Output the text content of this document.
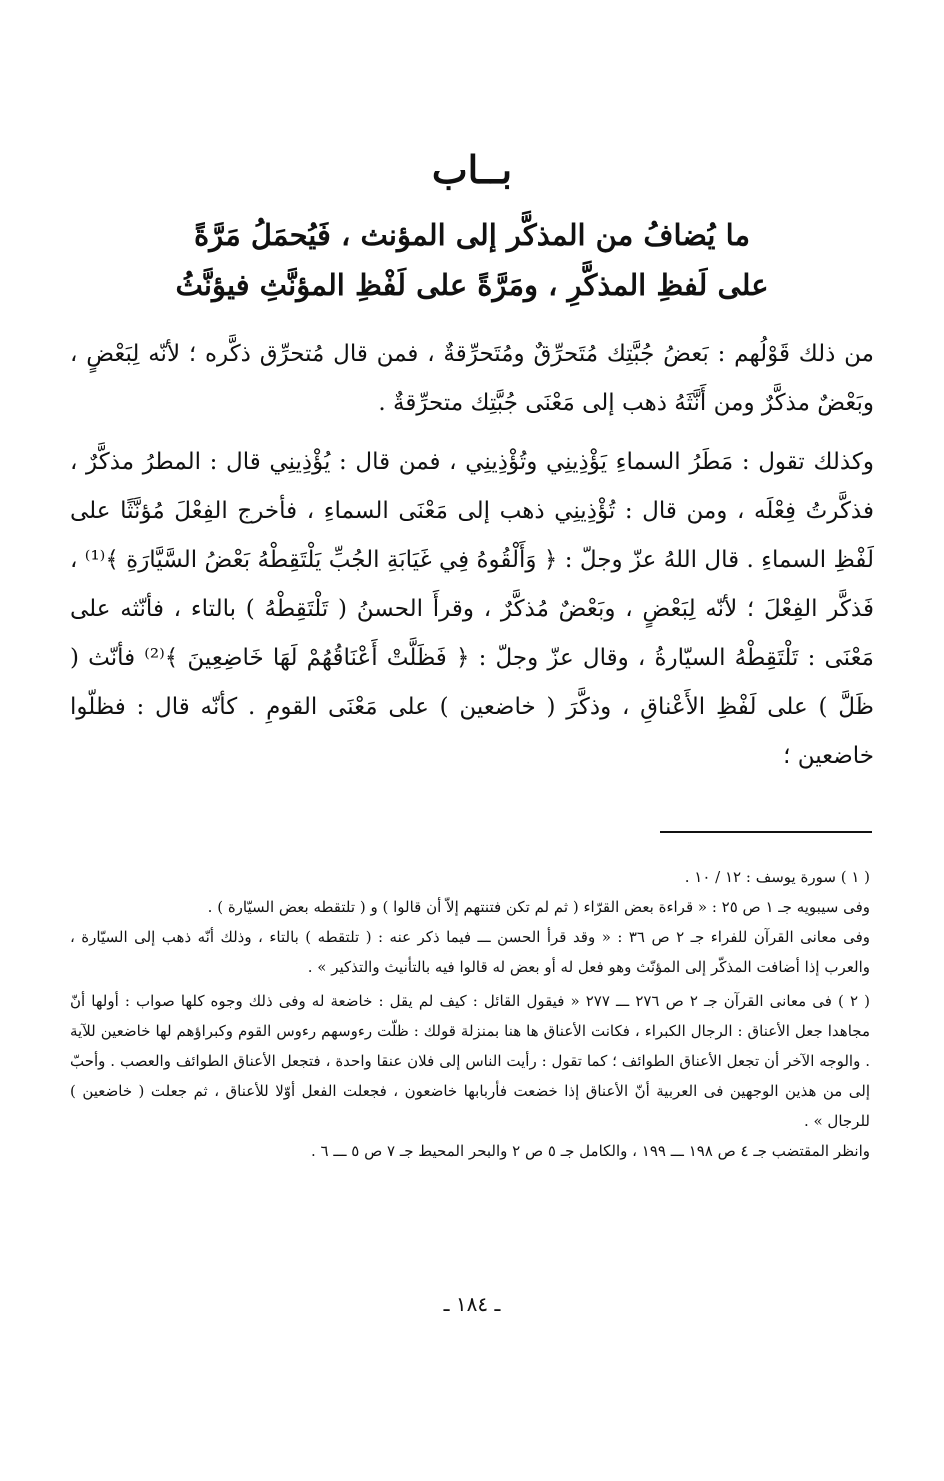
بــاب
ما يُضافُ من المذكَّر إلى المؤنث ، فَيُحمَلُ مَرَّةً
على لَفظِ المذكَّرِ ، ومَرَّةً على لَفْظِ المؤنَّثِ فيؤنَّثُ

من ذلك قَوْلُهم : بَعضُ جُبَّتِك مُتَحرِّقٌ ومُتَحرِّقةٌ ، فمن قال مُتحرِّق ذكَّره ؛ لأنّه لِبَعْضٍ ، وبَعْضٌ مذكَّرٌ ومن أَنَّثَهُ ذهب إلى مَعْنَى جُبَّتِك متحرِّقةٌ .

وكذلك تقول : مَطَرُ السماءِ يَؤْذِينِي وتُؤْذِينِي ، فمن قال : يُؤْذِينِي قال : المطرُ مذكَّرٌ ، فذكَّرتُ فِعْلَه ، ومن قال : تُؤْذِينِي ذهب إلى مَعْنَى السماءِ ، فأخرج الفِعْلَ مُؤنَّثًا على لَفْظِ السماءِ . قال اللهُ عزّ وجلّ : ﴿ وَأَلْقُوهُ فِي غَيَابَةِ الجُبِّ يَلْتَقِطْهُ بَعْضُ السَّيَّارَةِ ﴾⁽¹⁾ ، فَذكَّر الفِعْلَ ؛ لأنّه لِبَعْضٍ ، وبَعْضٌ مُذكَّرٌ ، وقرأَ الحسنُ ( تَلْتَقِطْهُ ) بالتاء ، فأنّثه على مَعْنَى : تَلْتَقِطْهُ السيّارةُ ، وقال عزّ وجلّ : ﴿ فَظَلَّتْ أَعْنَاقُهُمْ لَهَا خَاضِعِينَ ﴾⁽²⁾ فأنّث ( ظَلَّ ) على لَفْظِ الأَعْناقِ ، وذكَّرَ ( خاضعين ) على مَعْنَى القومِ . كأنّه قال : فظلّوا خاضعين ؛

( ١ ) سورة يوسف : ١٢ / ١٠ .

وفى سيبويه جـ ١ ص ٢٥ : « قراءة بعض القرّاء ( ثم لم تكن فتنتهم إلاّ أن قالوا ) و ( تلتقطه بعض السيّارة ) .

وفى معانى القرآن للفراء جـ ٢ ص ٣٦ : « وقد قرأ الحسن ـــ فيما ذكر عنه : ( تلتقطه ) بالتاء ، وذلك أنّه ذهب إلى السيّارة ، والعرب إذا أضافت المذكّر إلى المؤنّث وهو فعل له أو بعض له قالوا فيه بالتأنيث والتذكير » .

( ٢ ) فى معانى القرآن جـ ٢ ص ٢٧٦ ـــ ٢٧٧ « فيقول القائل : كيف لم يقل : خاضعة له وفى ذلك وجوه كلها صواب : أولها أنّ مجاهدا جعل الأعناق : الرجال الكبراء ، فكانت الأعناق ها هنا بمنزلة قولك : ظلّت رءوسهم رءوس القوم وكبراؤهم لها خاضعين للآية . والوجه الآخر أن تجعل الأعناق الطوائف ؛ كما تقول : رأيت الناس إلى فلان عنقا واحدة ، فتجعل الأعناق الطوائف والعصب . وأحبّ إلى من هذين الوجهين فى العربية أنّ الأعناق إذا خضعت فأربابها خاضعون ، فجعلت الفعل أوّلا للأعناق ، ثم جعلت ( خاضعين ) للرجال » .

وانظر المقتضب جـ ٤ ص ١٩٨ ـــ ١٩٩ ، والكامل جـ ٥ ص ٢ والبحر المحيط جـ ٧ ص ٥ ـــ ٦ .

ـ ١٨٤ ـ
